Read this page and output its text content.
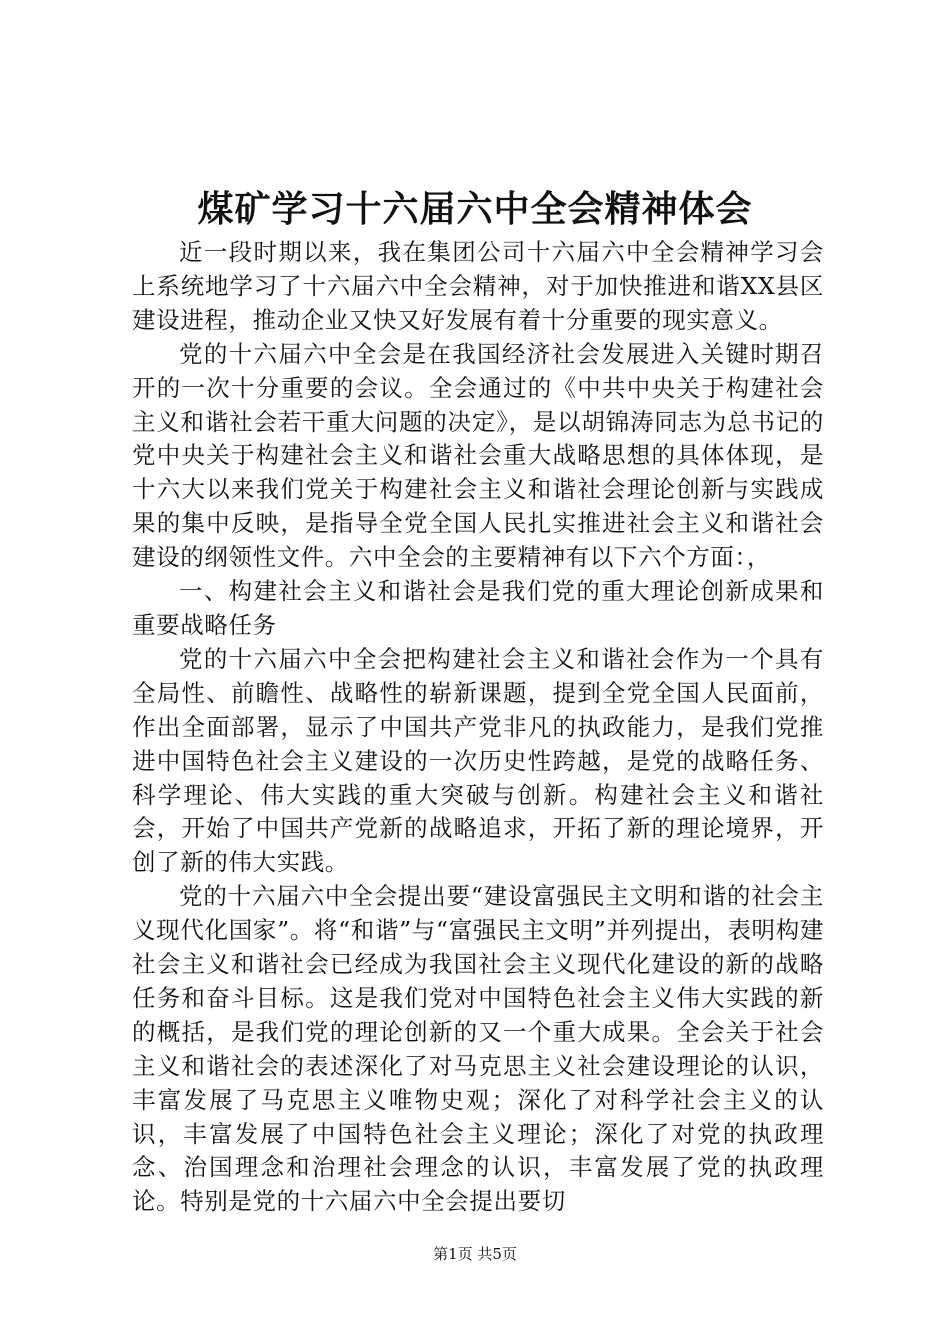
煤矿学习十六届六中全会精神体会

近一段时期以来，我在集团公司十六届六中全会精神学习会上系统地学习了十六届六中全会精神，对于加快推进和谐XX县区建设进程，推动企业又快又好发展有着十分重要的现实意义。

党的十六届六中全会是在我国经济社会发展进入关键时期召开的一次十分重要的会议。全会通过的《中共中央关于构建社会主义和谐社会若干重大问题的决定》，是以胡锦涛同志为总书记的党中央关于构建社会主义和谐社会重大战略思想的具体体现，是十六大以来我们党关于构建社会主义和谐社会理论创新与实践成果的集中反映，是指导全党全国人民扎实推进社会主义和谐社会建设的纲领性文件。六中全会的主要精神有以下六个方面：，

一、构建社会主义和谐社会是我们党的重大理论创新成果和重要战略任务

党的十六届六中全会把构建社会主义和谐社会作为一个具有全局性、前瞻性、战略性的崭新课题，提到全党全国人民面前，作出全面部署，显示了中国共产党非凡的执政能力，是我们党推进中国特色社会主义建设的一次历史性跨越，是党的战略任务、科学理论、伟大实践的重大突破与创新。构建社会主义和谐社会，开始了中国共产党新的战略追求，开拓了新的理论境界，开创了新的伟大实践。

党的十六届六中全会提出要“建设富强民主文明和谐的社会主义现代化国家”。将“和谐”与“富强民主文明”并列提出，表明构建社会主义和谐社会已经成为我国社会主义现代化建设的新的战略任务和奋斗目标。这是我们党对中国特色社会主义伟大实践的新的概括，是我们党的理论创新的又一个重大成果。全会关于社会主义和谐社会的表述深化了对马克思主义社会建设理论的认识，丰富发展了马克思主义唯物史观；深化了对科学社会主义的认识，丰富发展了中国特色社会主义理论；深化了对党的执政理念、治国理念和治理社会理念的认识，丰富发展了党的执政理论。特别是党的十六届六中全会提出要切

第1页 共5页
